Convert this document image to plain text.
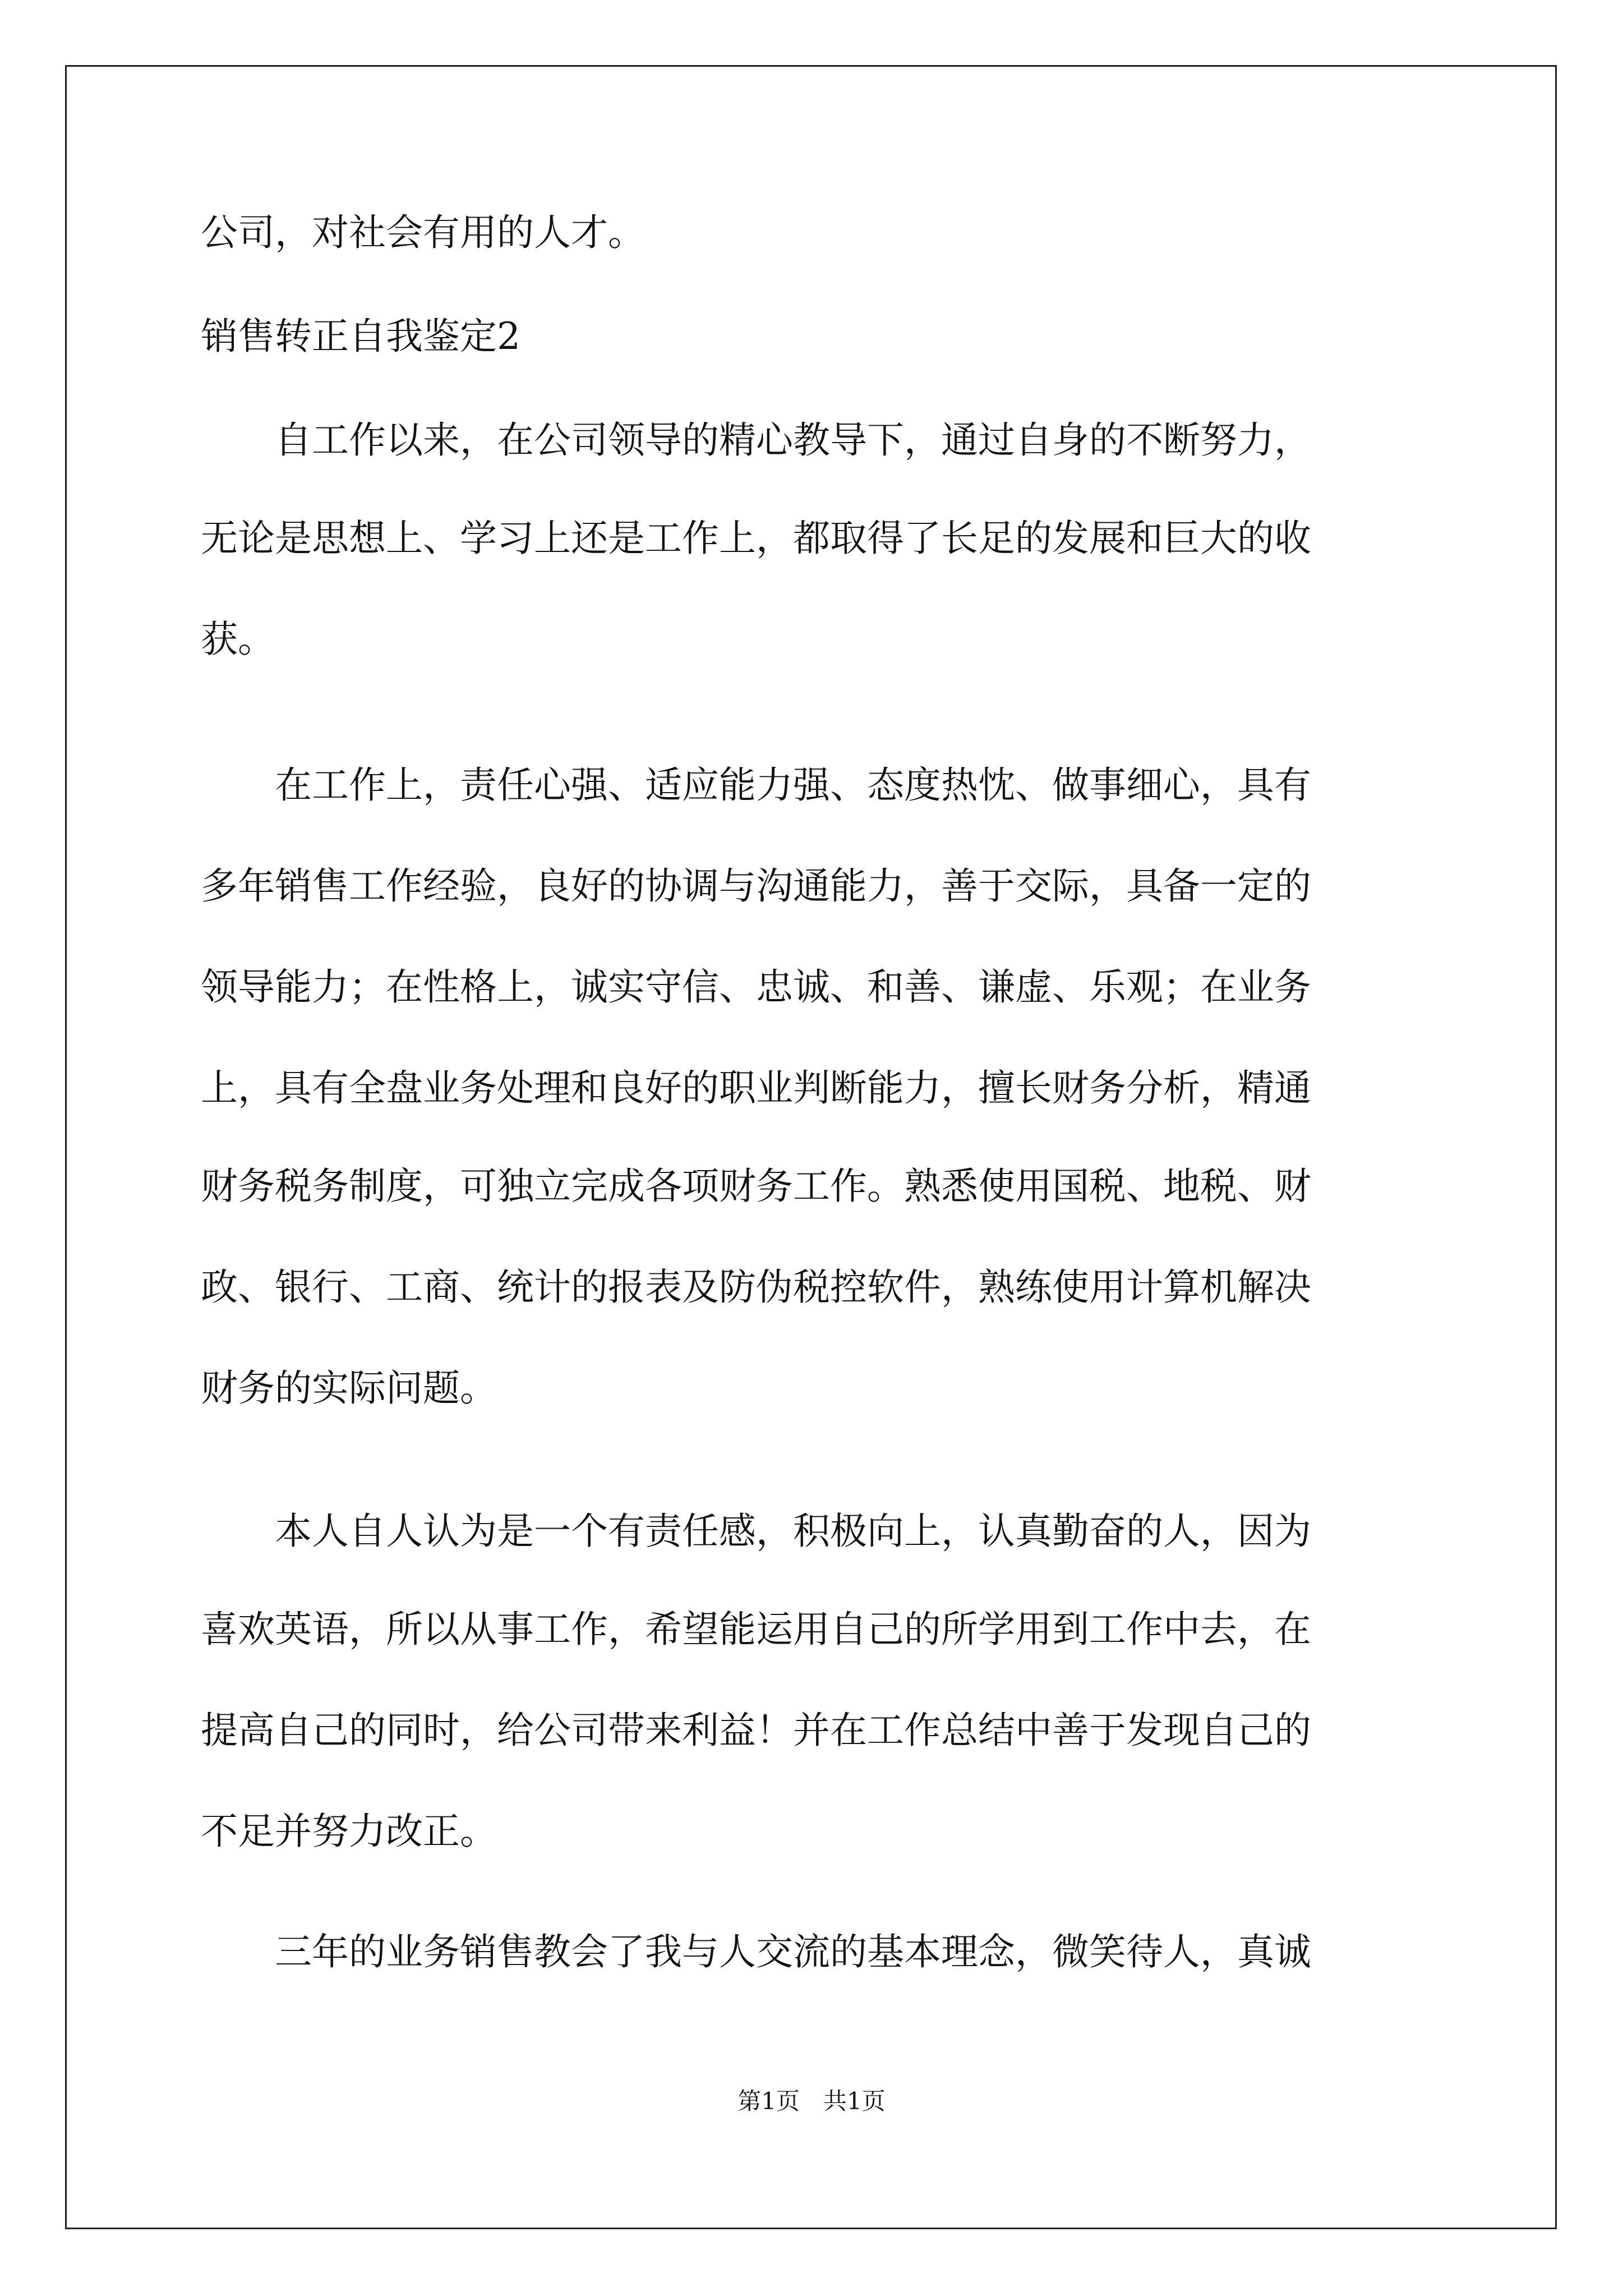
公司，对社会有用的人才。
销售转正自我鉴定2
　　自工作以来，在公司领导的精心教导下，通过自身的不断努力，
无论是思想上、学习上还是工作上，都取得了长足的发展和巨大的收
获。
　　在工作上，责任心强、适应能力强、态度热忱、做事细心，具有
多年销售工作经验，良好的协调与沟通能力，善于交际，具备一定的
领导能力；在性格上，诚实守信、忠诚、和善、谦虚、乐观；在业务
上，具有全盘业务处理和良好的职业判断能力，擅长财务分析，精通
财务税务制度，可独立完成各项财务工作。熟悉使用国税、地税、财
政、银行、工商、统计的报表及防伪税控软件，熟练使用计算机解决
财务的实际问题。
　　本人自人认为是一个有责任感，积极向上，认真勤奋的人，因为
喜欢英语，所以从事工作，希望能运用自己的所学用到工作中去，在
提高自己的同时，给公司带来利益！并在工作总结中善于发现自己的
不足并努力改正。
　　三年的业务销售教会了我与人交流的基本理念，微笑待人，真诚
第1页　共1页
